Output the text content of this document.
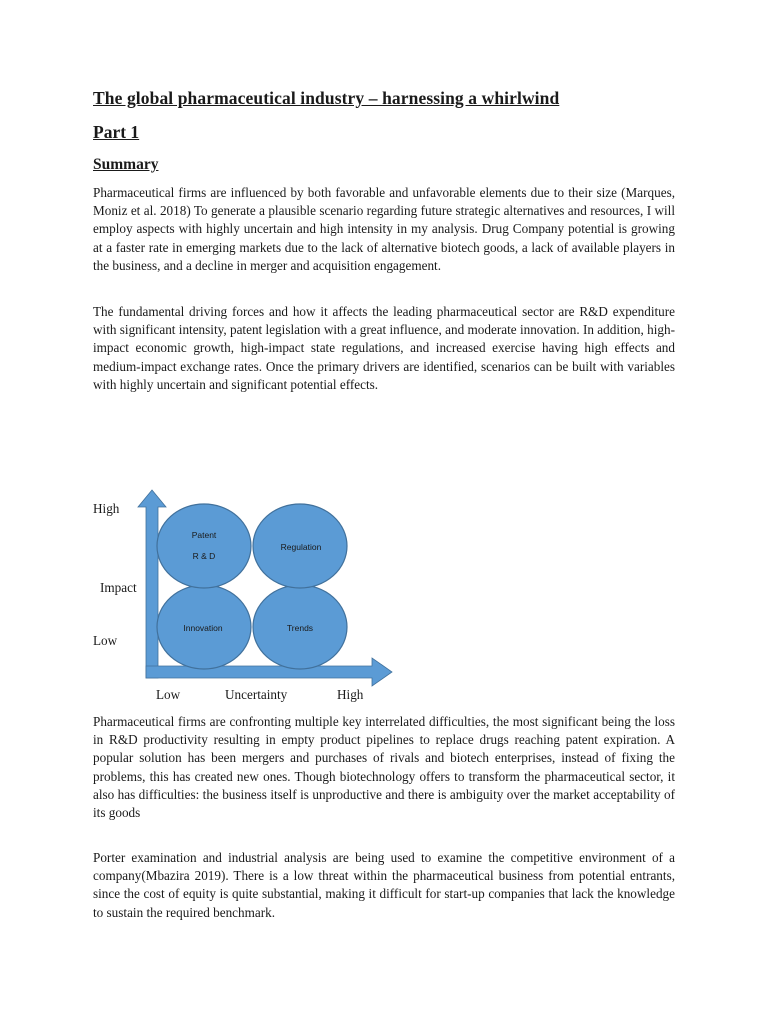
The global pharmaceutical industry – harnessing a whirlwind
Part 1
Summary

Pharmaceutical firms are influenced by both favorable and unfavorable elements due to their size (Marques, Moniz et al. 2018) To generate a plausible scenario regarding future strategic alternatives and resources, I will employ aspects with highly uncertain and high intensity in my analysis. Drug Company potential is growing at a faster rate in emerging markets due to the lack of alternative biotech goods, a lack of available players in the business, and a decline in merger and acquisition engagement.

The fundamental driving forces and how it affects the leading pharmaceutical sector are R&D expenditure with significant intensity, patent legislation with a great influence, and moderate innovation. In addition, high-impact economic growth, high-impact state regulations, and increased exercise having high effects and medium-impact exchange rates. Once the primary drivers are identified, scenarios can be built with variables with highly uncertain and significant potential effects.

Pharmaceutical firms are confronting multiple key interrelated difficulties, the most significant being the loss in R&D productivity resulting in empty product pipelines to replace drugs reaching patent expiration. A popular solution has been mergers and purchases of rivals and biotech enterprises, instead of fixing the problems, this has created new ones. Though biotechnology offers to transform the pharmaceutical sector, it also has difficulties: the business itself is unproductive and there is ambiguity over the market acceptability of its goods

Porter examination and industrial analysis are being used to examine the competitive environment of a company(Mbazira 2019). There is a low threat within the pharmaceutical business from potential entrants, since the cost of equity is quite substantial, making it difficult for start-up companies that lack the knowledge to sustain the required benchmark.

Patent
R & D
Regulation
Innovation	Trends
High
Impact
Low
Low	Uncertainty	High
